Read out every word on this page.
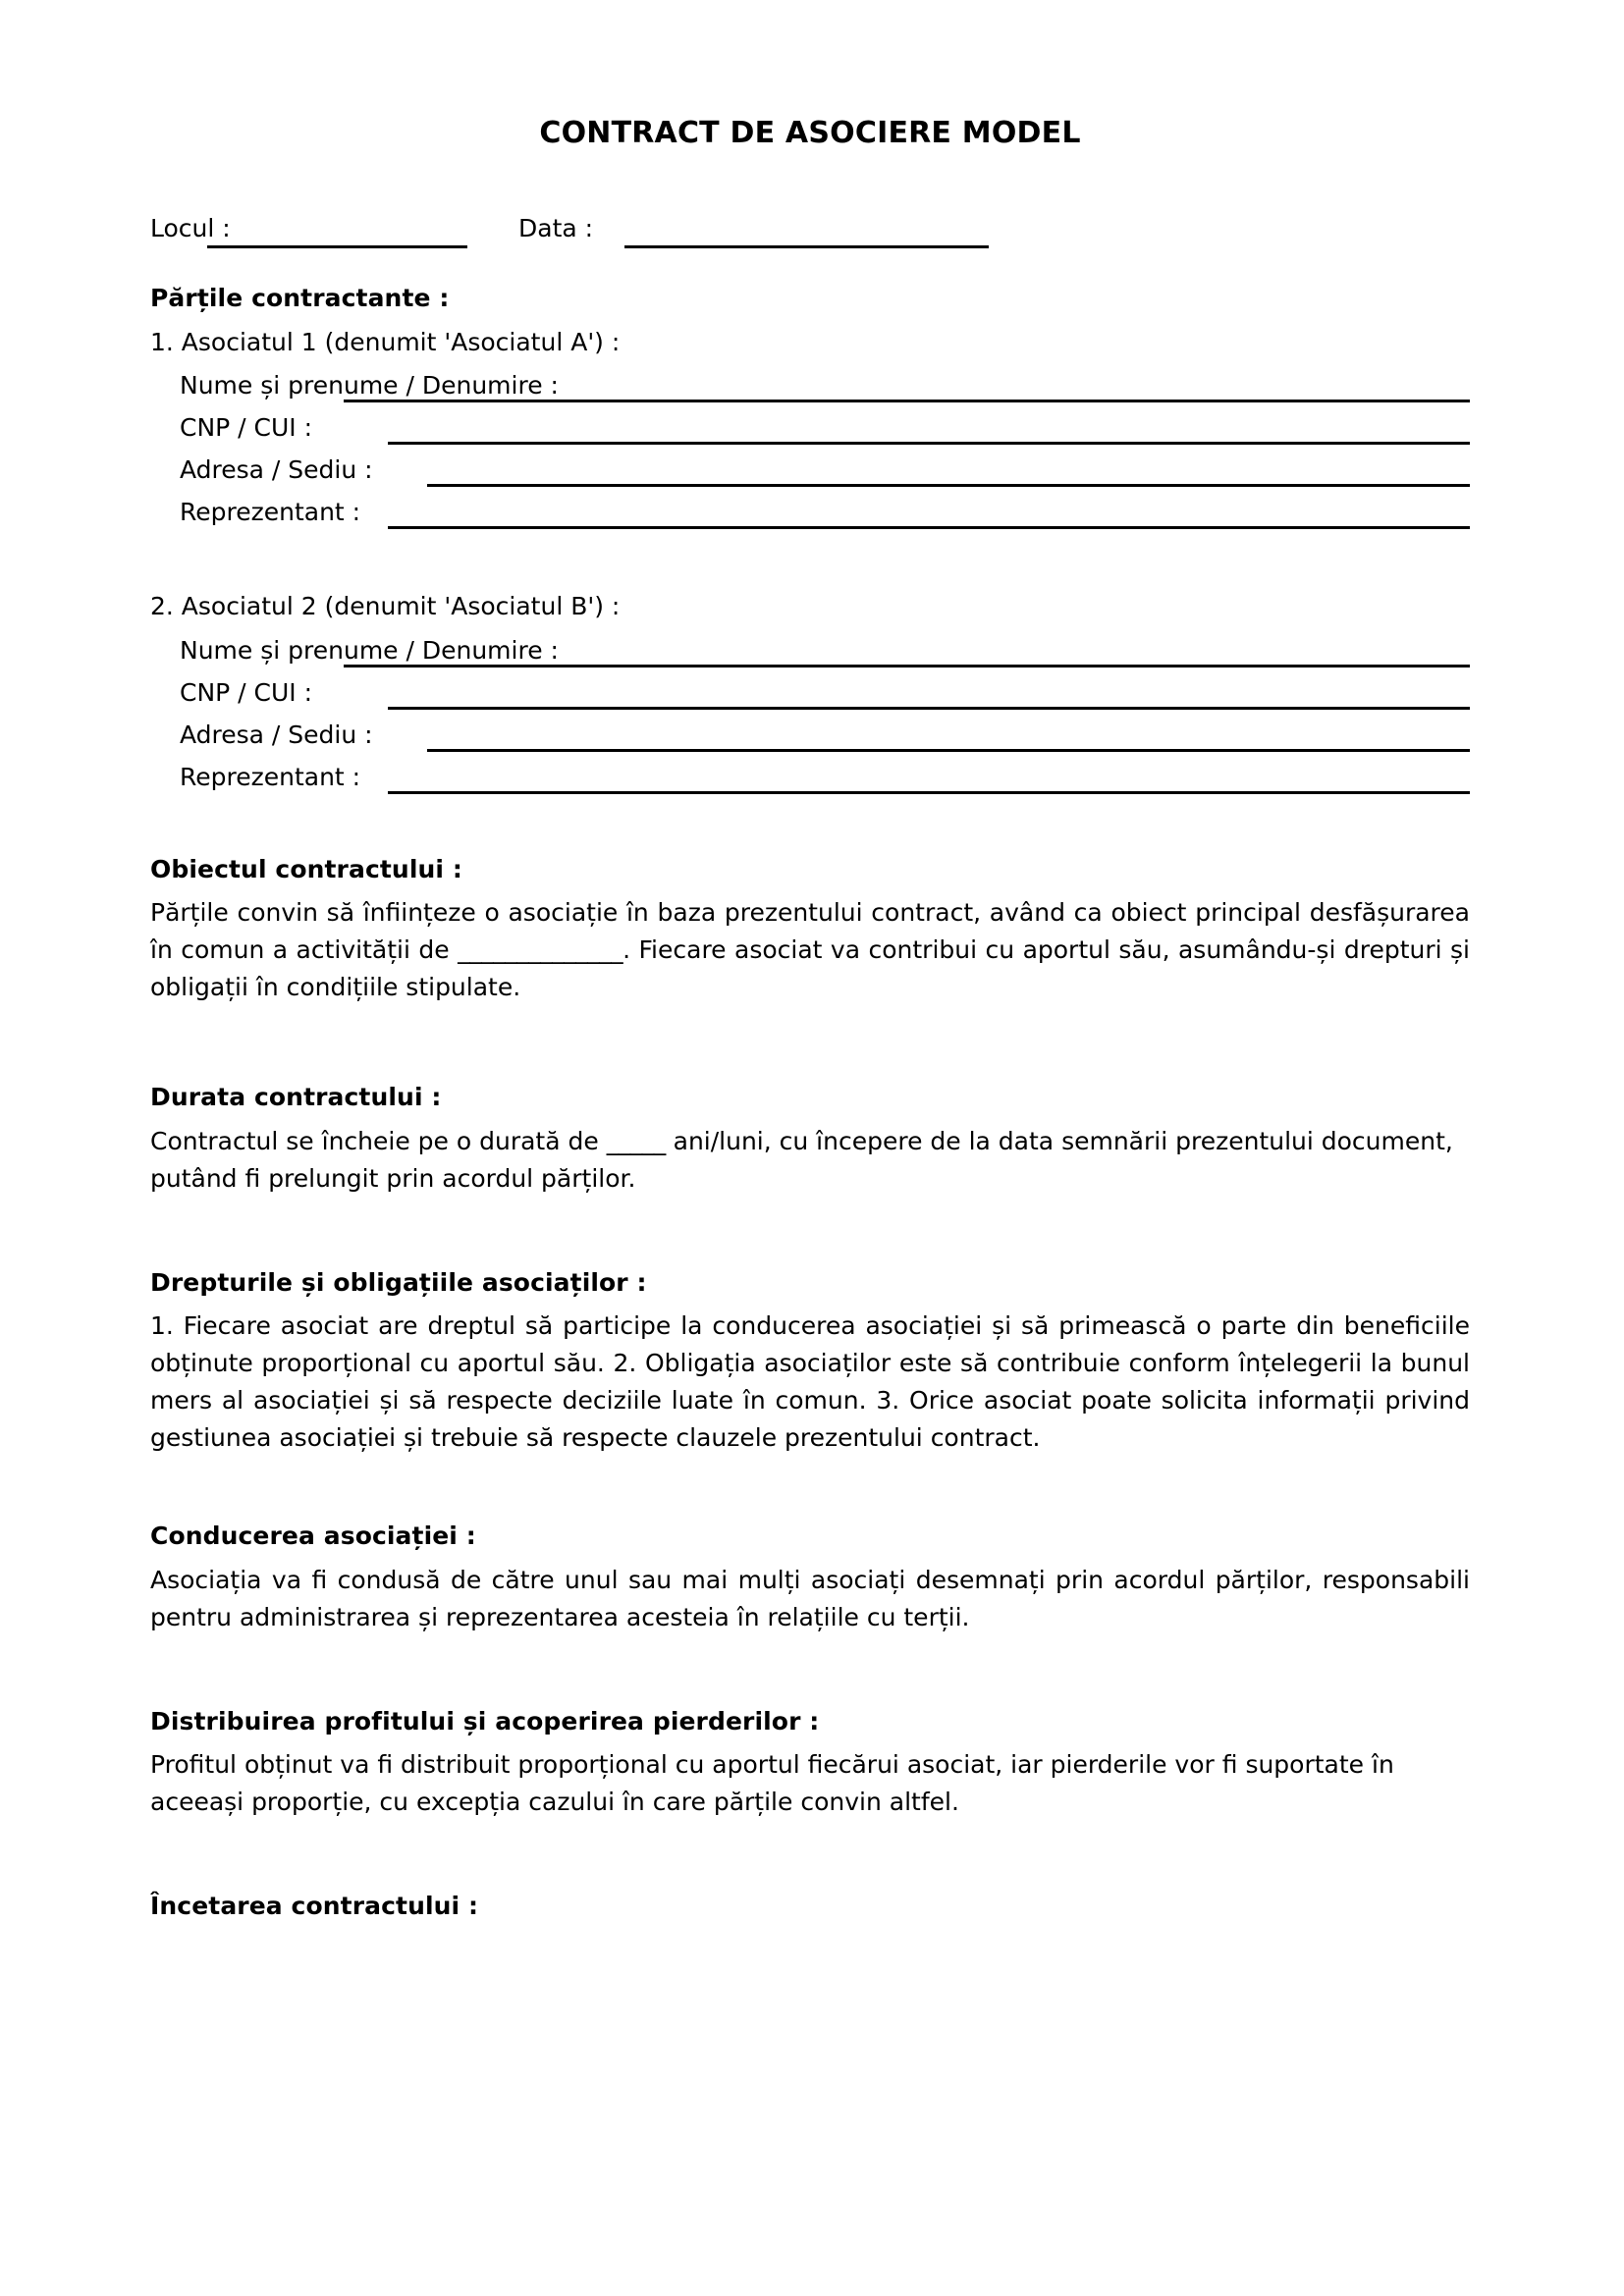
CONTRACT DE ASOCIERE MODEL
Locul :	Data :
Părțile contractante :
1. Asociatul 1 (denumit 'Asociatul A') :
Nume și prenume / Denumire :
CNP / CUI :
Adresa / Sediu :
Reprezentant :
2. Asociatul 2 (denumit 'Asociatul B') :
Nume și prenume / Denumire :
CNP / CUI :
Adresa / Sediu :
Reprezentant :
Obiectul contractului :

Părțile convin să înființeze o asociație în baza prezentului contract, având ca obiect principal desfășurarea în comun a activității de ______________. Fiecare asociat va contribui cu aportul său, asumându-și drepturi și obligații în condițiile stipulate.

Durata contractului :

Contractul se încheie pe o durată de _____ ani/luni, cu începere de la data semnării prezentului document, putând fi prelungit prin acordul părților.

Drepturile și obligațiile asociaților :

1. Fiecare asociat are dreptul să participe la conducerea asociației și să primească o parte din beneficiile obținute proporțional cu aportul său. 2. Obligația asociaților este să contribuie conform înțelegerii la bunul mers al asociației și să respecte deciziile luate în comun. 3. Orice asociat poate solicita informații privind gestiunea asociației și trebuie să respecte clauzele prezentului contract.

Conducerea asociației :

Asociația va fi condusă de către unul sau mai mulți asociați desemnați prin acordul părților, responsabili pentru administrarea și reprezentarea acesteia în relațiile cu terții.

Distribuirea profitului și acoperirea pierderilor :

Profitul obținut va fi distribuit proporțional cu aportul fiecărui asociat, iar pierderile vor fi suportate în aceeași proporție, cu excepția cazului în care părțile convin altfel.

Încetarea contractului :
